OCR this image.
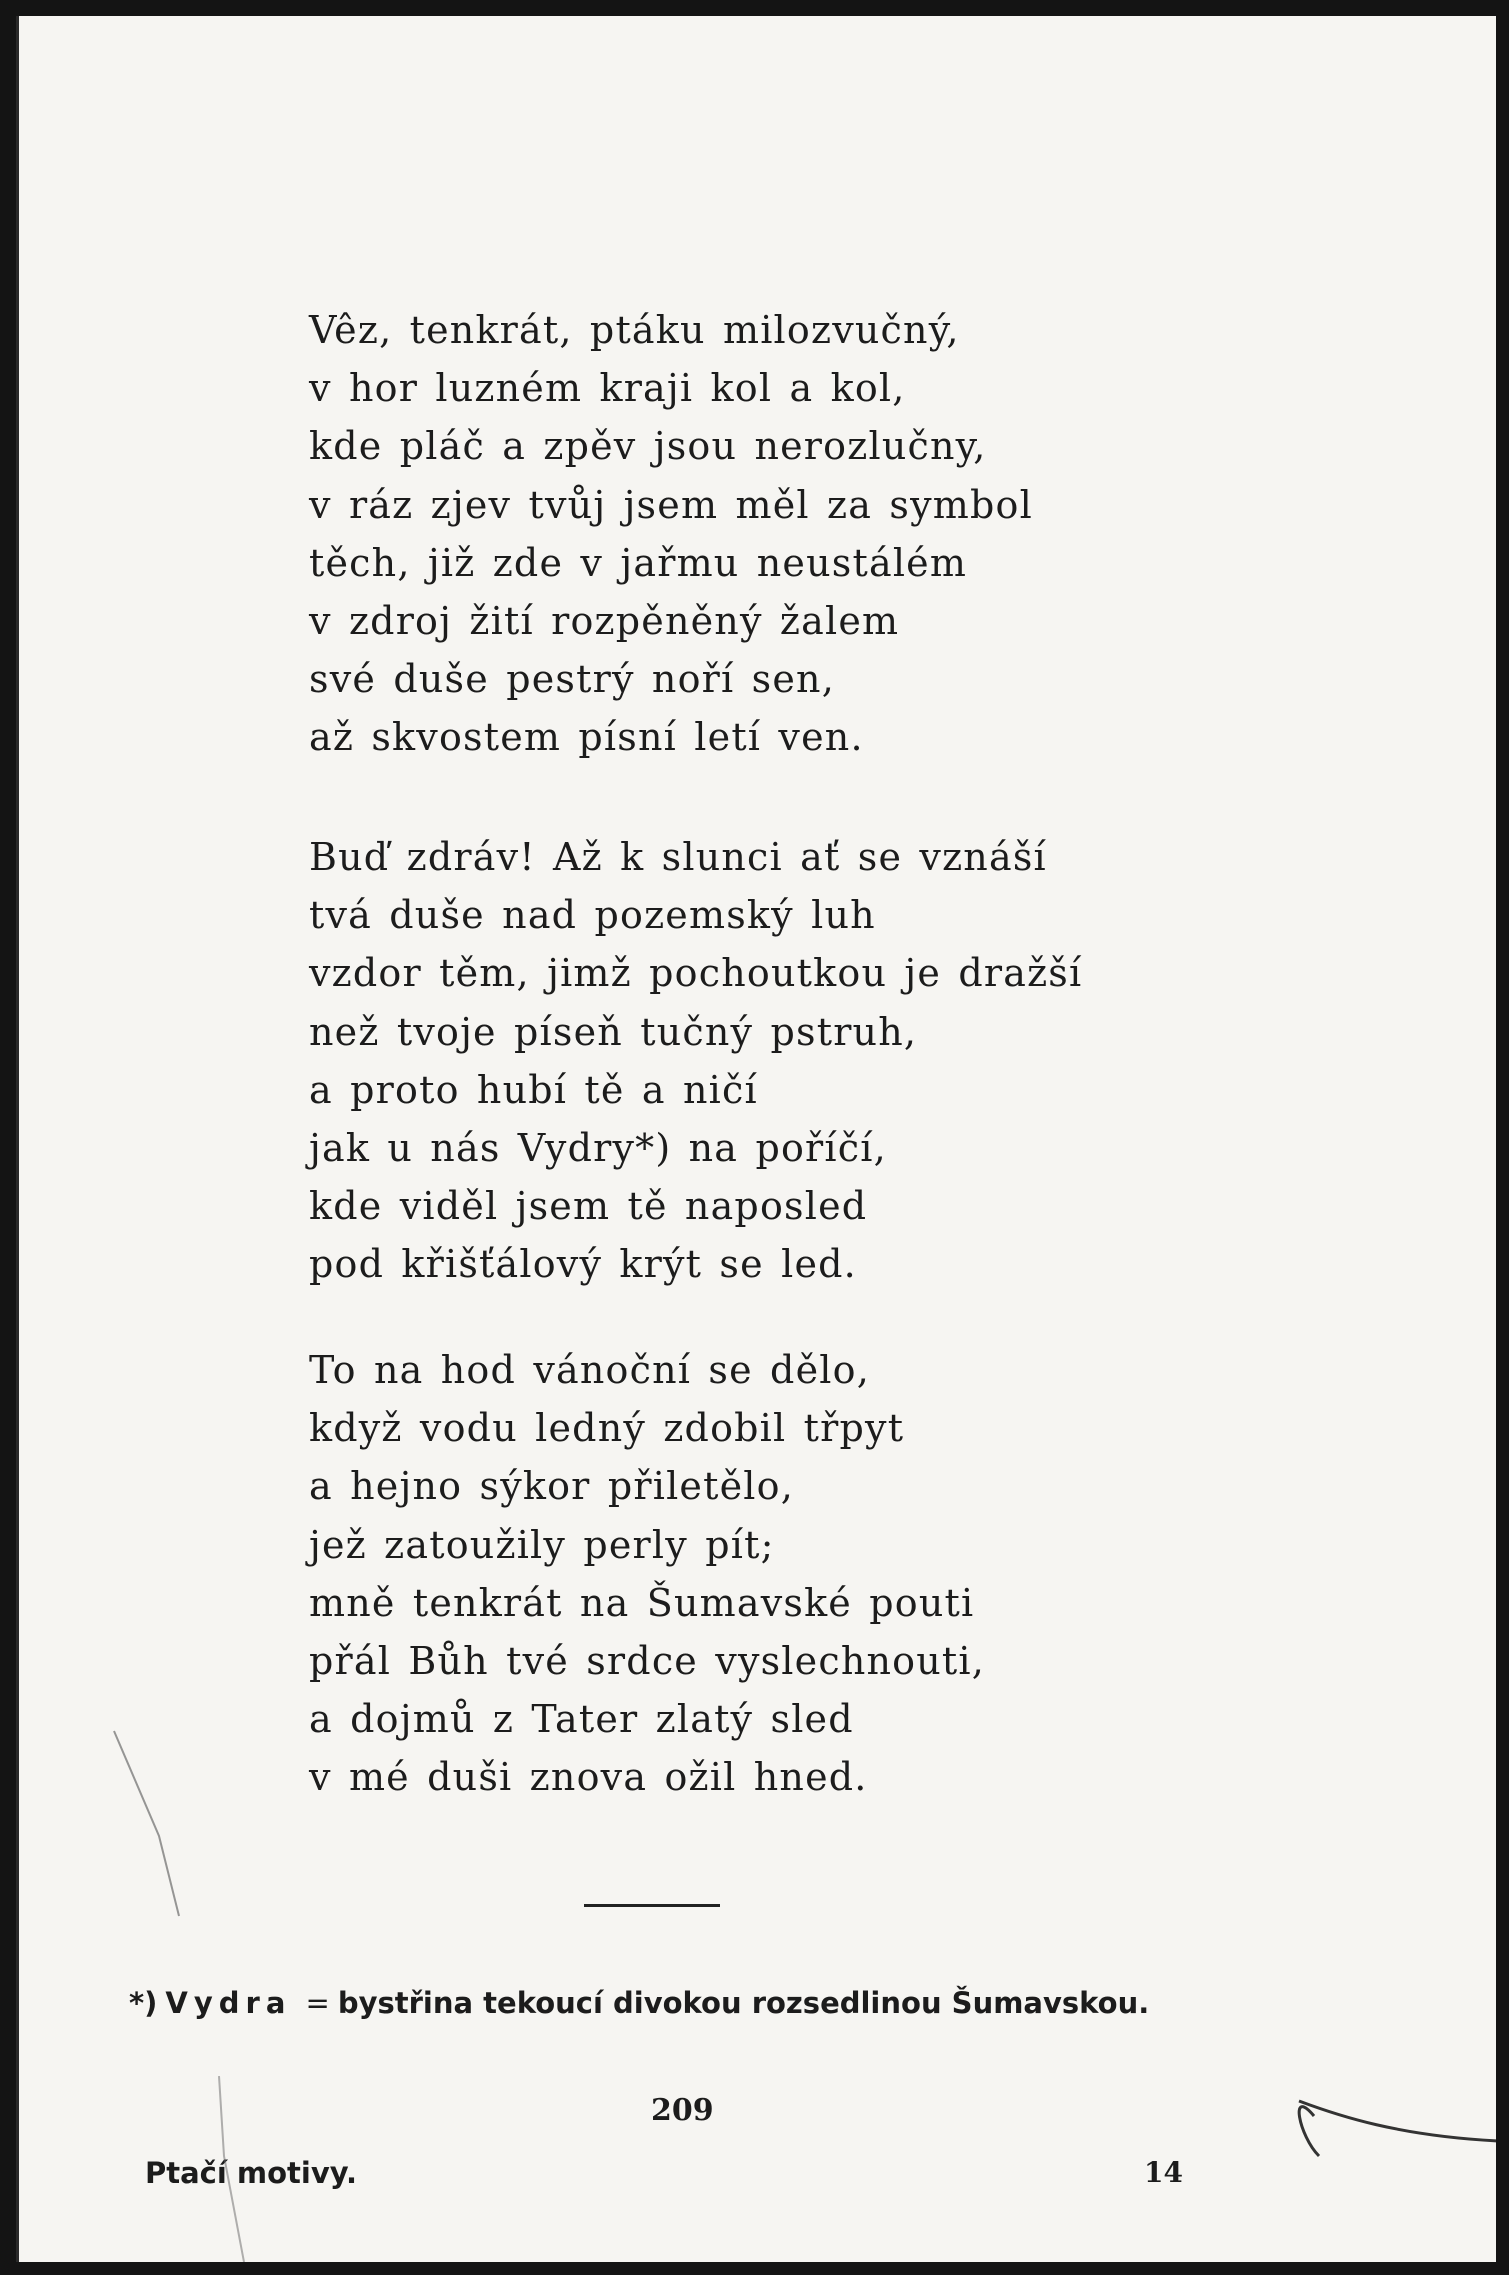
Vêz, tenkrát, ptáku milozvučný,
v hor luzném kraji kol a kol,
kde pláč a zpěv jsou nerozlučny,
v ráz zjev tvůj jsem měl za symbol
těch, již zde v jařmu neustálém
v zdroj žití rozpěněný žalem
své duše pestrý noří sen,
až skvostem písní letí ven.
Buď zdráv! Až k slunci ať se vznáší
tvá duše nad pozemský luh
vzdor těm, jimž pochoutkou je dražší
než tvoje píseň tučný pstruh,
a proto hubí tě a ničí
jak u nás Vydry*) na poříčí,
kde viděl jsem tě naposled
pod křišťálový krýt se led.
To na hod vánoční se dělo,
když vodu ledný zdobil třpyt
a hejno sýkor přiletělo,
jež zatoužily perly pít;
mně tenkrát na Šumavské pouti
přál Bůh tvé srdce vyslechnouti,
a dojmů z Tater zlatý sled
v mé duši znova ožil hned.
*) Vydra = bystřina tekoucí divokou rozsedlinou Šumavskou.
209
Ptačí motivy.	14
